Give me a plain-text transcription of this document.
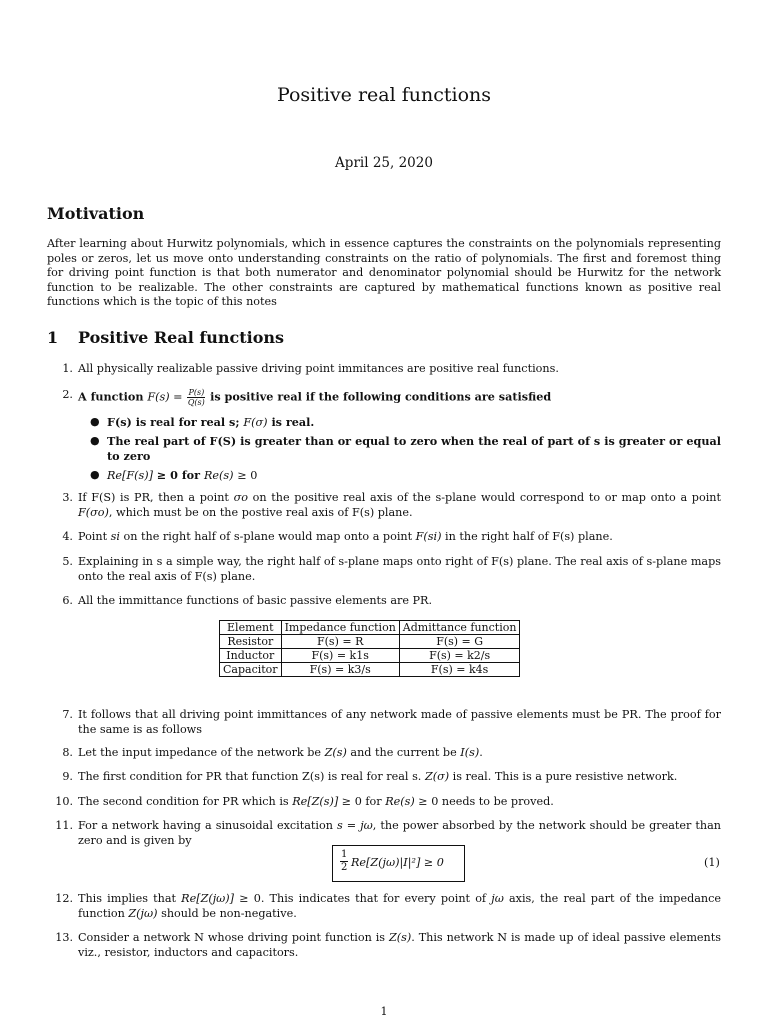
Positive real functions
April 25, 2020
Motivation
After learning about Hurwitz polynomials, which in essence captures the constraints on the polynomials representing poles or zeros, let us move onto understanding constraints on the ratio of polynomials. The first and foremost thing for driving point function is that both numerator and denominator polynomial should be Hurwitz for the network function to be realizable. The other constraints are captured by mathematical functions known as positive real functions which is the topic of this notes
1 Positive Real functions
1. All physically realizable passive driving point immitances are positive real functions.
2. A function $F(s) = \frac{P(s)}{Q(s)}$ is positive real if the following conditions are satisfied
● F(s) is real for real s; F(σ) is real.
● The real part of F(S) is greater than or equal to zero when the real of part of s is greater or equal to zero
● Re[F(s)] ≥ 0 for Re(s) ≥ 0
3. If F(S) is PR, then a point σo on the positive real axis of the s-plane would correspond to or map onto a point F(σo), which must be on the postive real axis of F(s) plane.
4. Point si on the right half of s-plane would map onto a point F(si) in the right half of F(s) plane.
5. Explaining in s a simple way, the right half of s-plane maps onto right of F(s) plane. The real axis of s-plane maps onto the real axis of F(s) plane.
6. All the immittance functions of basic passive elements are PR.
Element	Impedance function	Admittance function
Resistor	F(s) = R	F(s) = G
Inductor	F(s) = k1s	F(s) = k2/s
Capacitor	F(s) = k3/s	F(s) = k4s
7. It follows that all driving point immittances of any network made of passive elements must be PR. The proof for the same is as follows
8. Let the input impedance of the network be Z(s) and the current be I(s).
9. The first condition for PR that function Z(s) is real for real s. Z(σ) is real. This is a pure resistive network.
10. The second condition for PR which is Re[Z(s)] ≥ 0 for Re(s) ≥ 0 needs to be proved.
11. For a network having a sinusoidal excitation s = jω, the power absorbed by the network should be greater than zero and is given by
$\frac{1}{2} Re[Z(j\omega)|I|^2] \ge 0$	(1)
12. This implies that Re[Z(jω)] ≥ 0. This indicates that for every point of jω axis, the real part of the impedance function Z(jω) should be non-negative.
13. Consider a network N whose driving point function is Z(s). This network N is made up of ideal passive elements viz., resistor, inductors and capacitors.
1
